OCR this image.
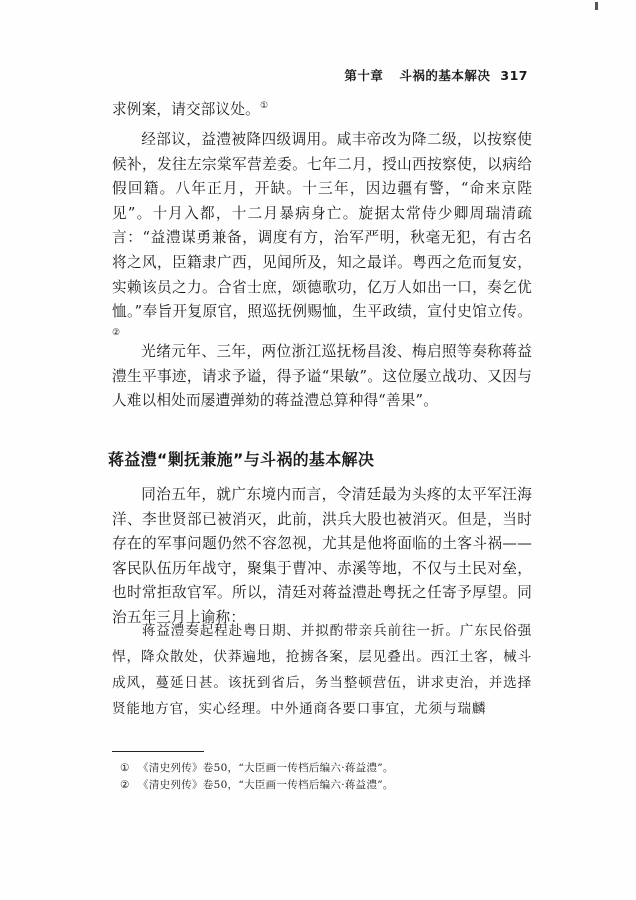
第十章 斗祸的基本解决 317

求例案，请交部议处。①

经部议，益澧被降四级调用。咸丰帝改为降二级，以按察使候补，发往左宗棠军营差委。七年二月，授山西按察使，以病给假回籍。八年正月，开缺。十三年，因边疆有警，“命来京陛见”。十月入都，十二月暴病身亡。旋据太常侍少卿周瑞清疏言：“益澧谋勇兼备，调度有方，治军严明，秋毫无犯，有古名将之风，臣籍隶广西，见闻所及，知之最详。粤西之危而复安，实赖该员之力。合省士庶，颂德歌功，亿万人如出一口，奏乞优恤。”奉旨开复原官，照巡抚例赐恤，生平政绩，宣付史馆立传。②

光绪元年、三年，两位浙江巡抚杨昌浚、梅启照等奏称蒋益澧生平事迹，请求予谥，得予谥“果敏”。这位屡立战功、又因与人难以相处而屡遭弹劾的蒋益澧总算种得“善果”。

蒋益澧“剿抚兼施”与斗祸的基本解决

同治五年，就广东境内而言，令清廷最为头疼的太平军汪海洋、李世贤部已被消灭，此前，洪兵大股也被消灭。但是，当时存在的军事问题仍然不容忽视，尤其是他将面临的土客斗祸——客民队伍历年战守，聚集于曹冲、赤溪等地，不仅与土民对垒，也时常拒敌官军。所以，清廷对蒋益澧赴粤抚之任寄予厚望。同治五年三月上谕称：

蒋益澧奏起程赴粤日期、并拟酌带亲兵前往一折。广东民俗强悍，降众散处，伏莽遍地，抢掳各案，层见叠出。西江土客，械斗成风，蔓延日甚。该抚到省后，务当整顿营伍，讲求吏治，并选择贤能地方官，实心经理。中外通商各要口事宜，尤须与瑞麟

① 《清史列传》卷50，“大臣画一传档后编六·蒋益澧”。
② 《清史列传》卷50，“大臣画一传档后编六·蒋益澧”。
